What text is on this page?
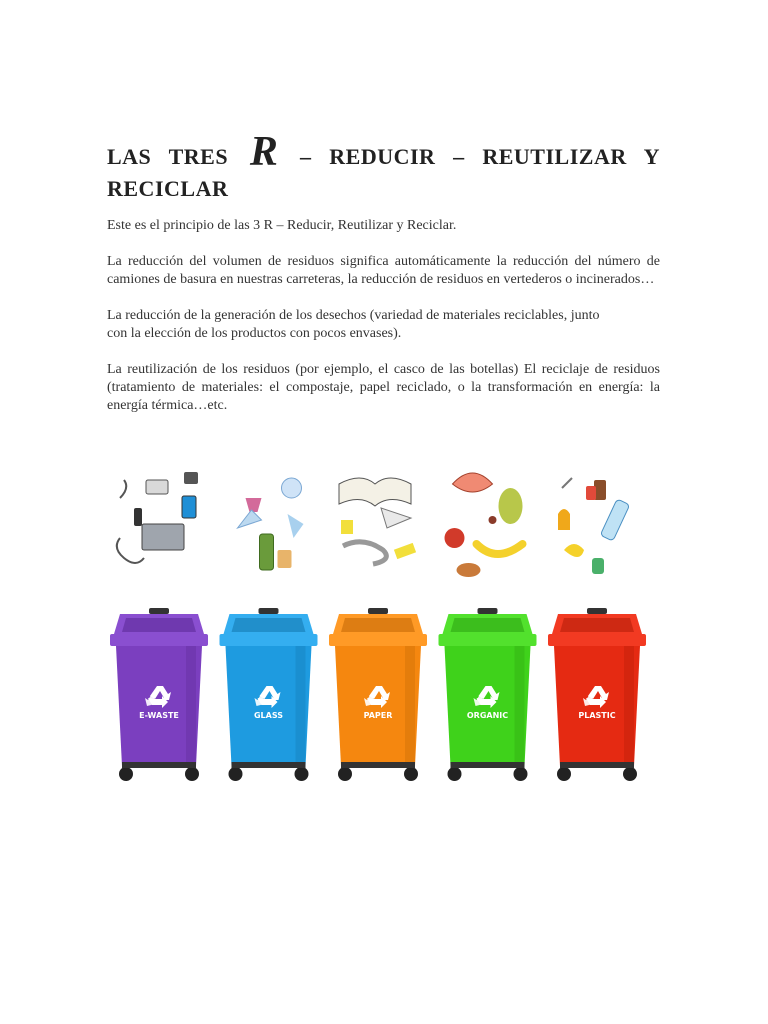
LAS TRES R – REDUCIR – REUTILIZAR Y
RECICLAR

Este es el principio de las 3 R – Reducir, Reutilizar y Reciclar.

La reducción del volumen de residuos significa automáticamente la reducción del número de camiones de basura en nuestras carreteras, la reducción de residuos en vertederos o incinerados…

La reducción de la generación de los desechos (variedad de materiales reciclables, junto
con la elección de los productos con pocos envases).

La reutilización de los residuos (por ejemplo, el casco de las botellas) El reciclaje de residuos (tratamiento de materiales: el compostaje, papel reciclado, o la transformación en energía: la energía térmica…etc.

E-WASTE	GLASS	PAPER	ORGANIC	PLASTIC
